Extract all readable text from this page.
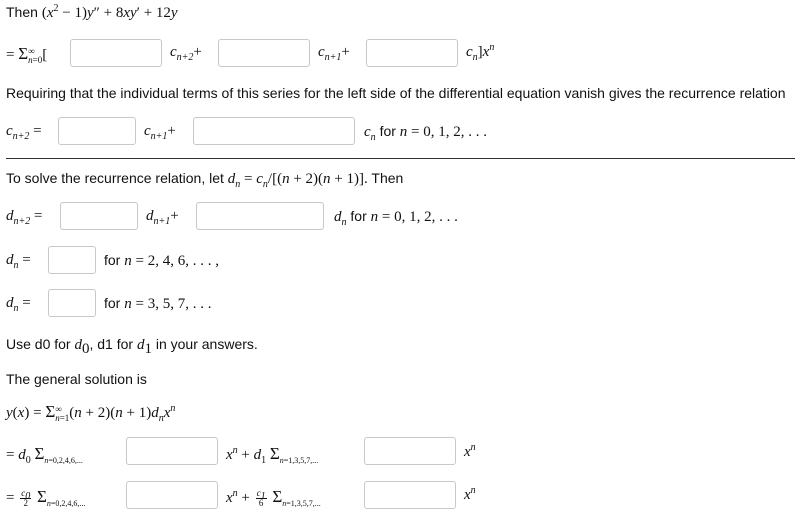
Then $(x^2 - 1)y'' + 8xy' + 12y$
= Σ ∞
n=0 [	$c_{n+2}+$	$c_{n+1}+$	$c_n]x^n$
Requiring that the individual terms of this series for the left side of the differential equation vanish gives the recurrence relation
$c_{n+2}$ =	$c_{n+1}+$	$c_n$ for n = 0, 1, 2, . . .
To solve the recurrence relation, let $d_n = c_n/[(n + 2)(n + 1)]$. Then
$d_{n+2}$ =	$d_{n+1}+$	$d_n$ for n = 0, 1, 2, . . .
$d_n$ =	for n = 2, 4, 6, . . . ,
$d_n$ =	for n = 3, 5, 7, . . .
Use d0 for $d_0$, d1 for $d_1$ in your answers.
The general solution is
y(x) = Σ ∞
n=1 $(n + 2)(n + 1)d_nx^n$
= $d_0$ $\Sigma_{n=0,2,4,6,...}$	$x^n + d_1$ $\Sigma_{n=1,3,5,7,...}$
$x^n$
= $\frac{c_0}{2} \Sigma_{n=0,2,4,6,...}$	$x^n + \frac{c_1}{6} \Sigma_{n=1,3,5,7,...}$
$x^n$
